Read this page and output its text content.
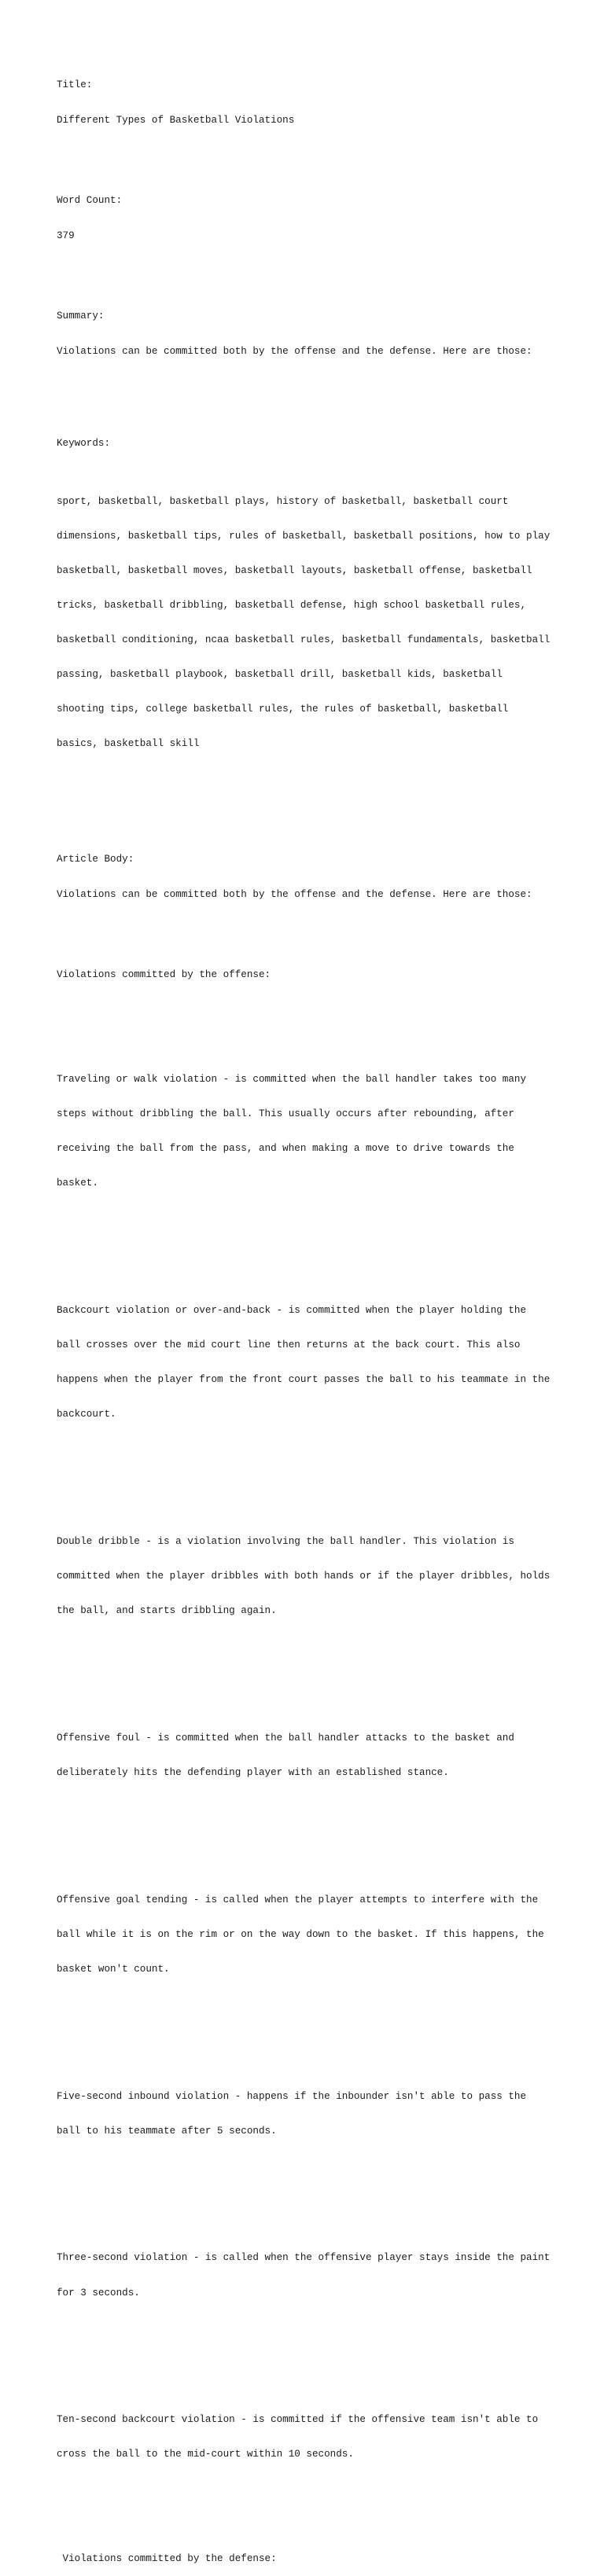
Title:

Different Types of Basketball Violations

Word Count:

379

Summary:

Violations can be committed both by the offense and the defense. Here are those:

Keywords:

sport, basketball, basketball plays, history of basketball, basketball court

dimensions, basketball tips, rules of basketball, basketball positions, how to play

basketball, basketball moves, basketball layouts, basketball offense, basketball

tricks, basketball dribbling, basketball defense, high school basketball rules,

basketball conditioning, ncaa basketball rules, basketball fundamentals, basketball

passing, basketball playbook, basketball drill, basketball kids, basketball

shooting tips, college basketball rules, the rules of basketball, basketball

basics, basketball skill

Article Body:

Violations can be committed both by the offense and the defense. Here are those:

Violations committed by the offense:

Traveling or walk violation - is committed when the ball handler takes too many

steps without dribbling the ball. This usually occurs after rebounding, after

receiving the ball from the pass, and when making a move to drive towards the

basket.

Backcourt violation or over-and-back - is committed when the player holding the

ball crosses over the mid court line then returns at the back court. This also

happens when the player from the front court passes the ball to his teammate in the

backcourt.

Double dribble - is a violation involving the ball handler. This violation is

committed when the player dribbles with both hands or if the player dribbles, holds

the ball, and starts dribbling again.

Offensive foul - is committed when the ball handler attacks to the basket and

deliberately hits the defending player with an established stance.

Offensive goal tending - is called when the player attempts to interfere with the

ball while it is on the rim or on the way down to the basket. If this happens, the

basket won't count.

Five-second inbound violation - happens if the inbounder isn't able to pass the

ball to his teammate after 5 seconds.

Three-second violation - is called when the offensive player stays inside the paint

for 3 seconds.

Ten-second backcourt violation - is committed if the offensive team isn't able to

cross the ball to the mid-court within 10 seconds.

Violations committed by the defense:
